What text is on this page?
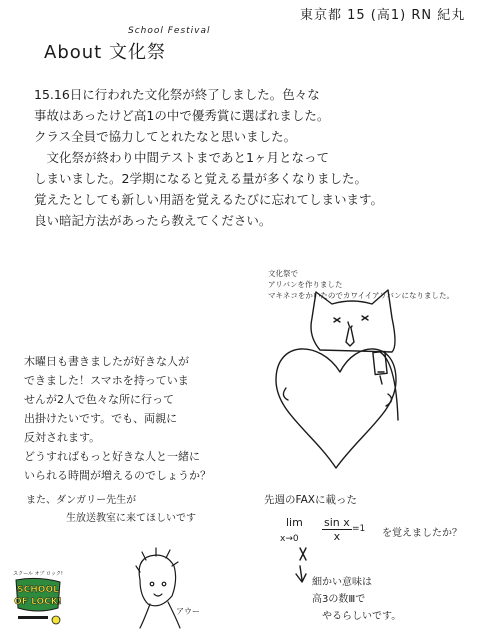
東京都 15 (高1) RN 紀丸
About 文化祭
School Festival
15.16日に行われた文化祭が終了しました。色々な
事故はあったけど高1の中で優秀賞に選ばれました。
クラス全員で協力してとれたなと思いました。
　文化祭が終わり中間テストまであと1ヶ月となって
しまいました。2学期になると覚える量が多くなりました。
覚えたとしても新しい用語を覚えるたびに忘れてしまいます。
良い暗記方法があったら教えてください。
文化祭で
アリバンを作りました
マキネコをかいたのでカワイイアリバンになりました。
木曜日も書きましたが好きな人が
できました！スマホを持っていま
せんが2人で色々な所に行って
出掛けたいです。でも、両親に
反対されます。
どうすればもっと好きな人と一緒に
いられる時間が増えるのでしょうか？
また、ダンガリー先生が
　　　　生放送教室に来てほしいです
先週のFAXに載った
lim
$x\to 0 \frac{\text{sin x}}{x} =1$ を覚えましたか？
細かい意味は
高3の数Ⅲで
　やるらしいです。
アウー
スクール オブ ロック!
SCHOOL
OF LOCK!
